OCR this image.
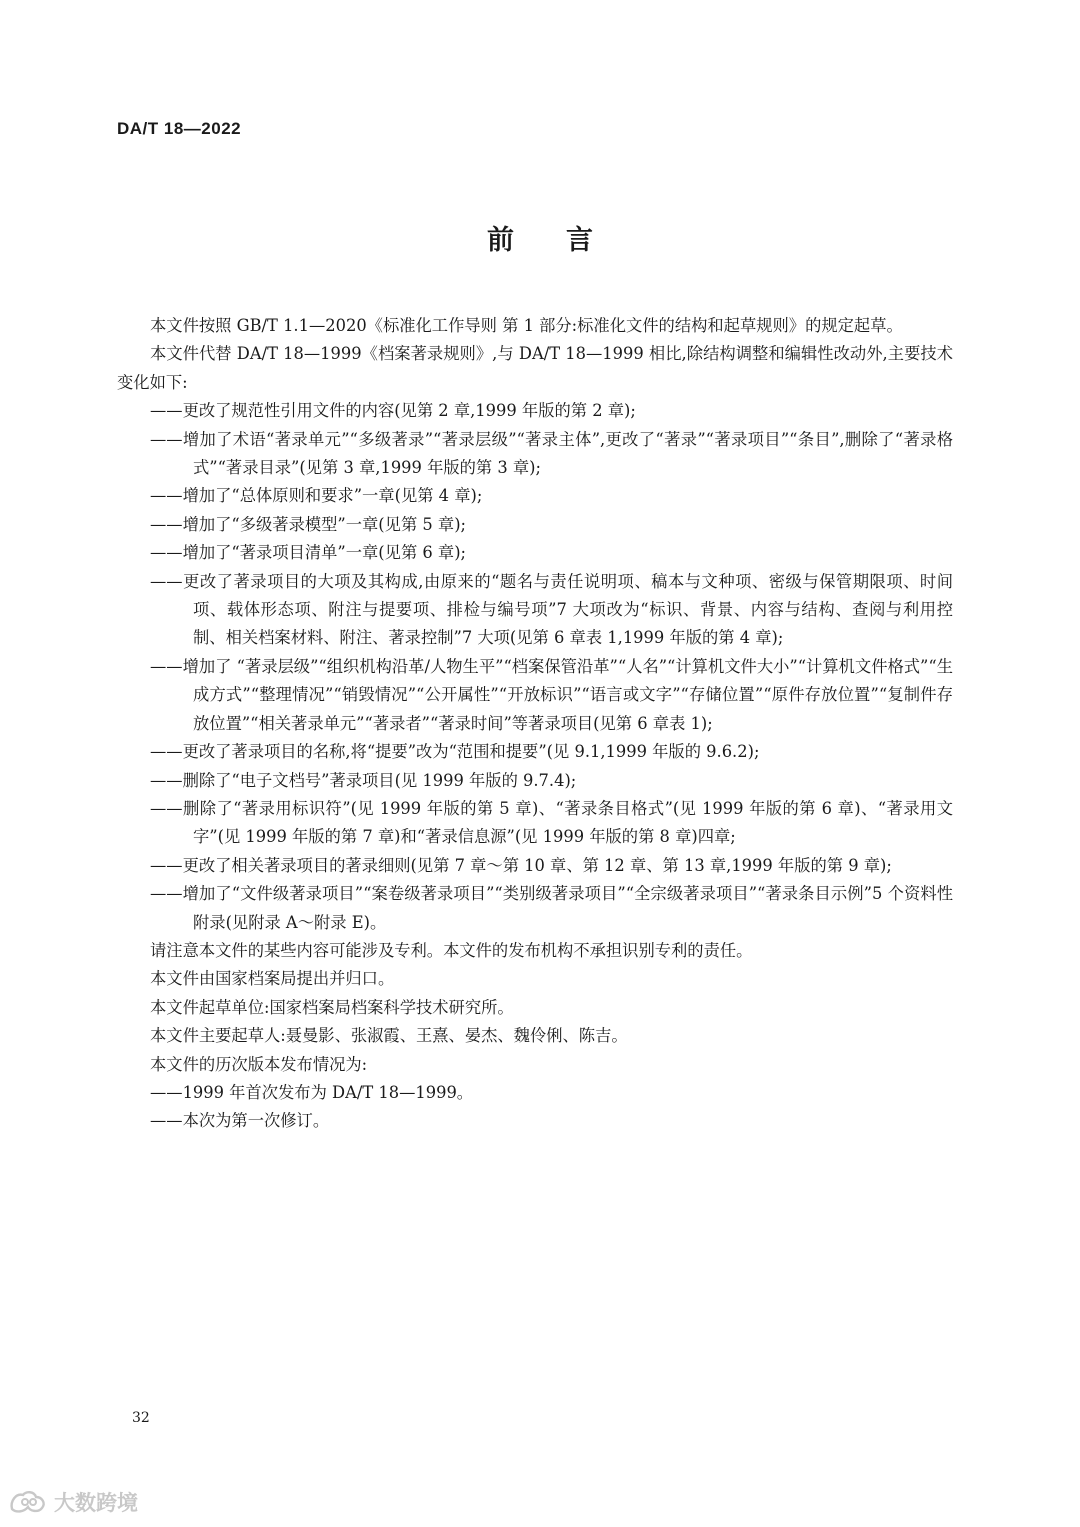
DA/T 18—2022
前言

本文件按照 GB/T 1.1—2020《标准化工作导则 第 1 部分:标准化文件的结构和起草规则》的规定起草。

本文件代替 DA/T 18—1999《档案著录规则》,与 DA/T 18—1999 相比,除结构调整和编辑性改动外,主要技术变化如下:

——更改了规范性引用文件的内容(见第 2 章,1999 年版的第 2 章);

——增加了术语“著录单元”“多级著录”“著录层级”“著录主体”,更改了“著录”“著录项目”“条目”,删除了“著录格式”“著录目录”(见第 3 章,1999 年版的第 3 章);

——增加了“总体原则和要求”一章(见第 4 章);

——增加了“多级著录模型”一章(见第 5 章);

——增加了“著录项目清单”一章(见第 6 章);

——更改了著录项目的大项及其构成,由原来的“题名与责任说明项、稿本与文种项、密级与保管期限项、时间项、载体形态项、附注与提要项、排检与编号项”7 大项改为“标识、背景、内容与结构、查阅与利用控制、相关档案材料、附注、著录控制”7 大项(见第 6 章表 1,1999 年版的第 4 章);

——增加了 “著录层级”“组织机构沿革/人物生平”“档案保管沿革”“人名”“计算机文件大小”“计算机文件格式”“生成方式”“整理情况”“销毁情况”“公开属性”“开放标识”“语言或文字”“存储位置”“原件存放位置”“复制件存放位置”“相关著录单元”“著录者”“著录时间”等著录项目(见第 6 章表 1);

——更改了著录项目的名称,将“提要”改为“范围和提要”(见 9.1,1999 年版的 9.6.2);

——删除了“电子文档号”著录项目(见 1999 年版的 9.7.4);

——删除了“著录用标识符”(见 1999 年版的第 5 章)、“著录条目格式”(见 1999 年版的第 6 章)、“著录用文字”(见 1999 年版的第 7 章)和“著录信息源”(见 1999 年版的第 8 章)四章;

——更改了相关著录项目的著录细则(见第 7 章～第 10 章、第 12 章、第 13 章,1999 年版的第 9 章);

——增加了“文件级著录项目”“案卷级著录项目”“类别级著录项目”“全宗级著录项目”“著录条目示例”5 个资料性附录(见附录 A～附录 E)。

请注意本文件的某些内容可能涉及专利。本文件的发布机构不承担识别专利的责任。

本文件由国家档案局提出并归口。

本文件起草单位:国家档案局档案科学技术研究所。

本文件主要起草人:聂曼影、张淑霞、王熹、晏杰、魏伶俐、陈吉。

本文件的历次版本发布情况为:

——1999 年首次发布为 DA/T 18—1999。

——本次为第一次修订。

32
大数跨境
